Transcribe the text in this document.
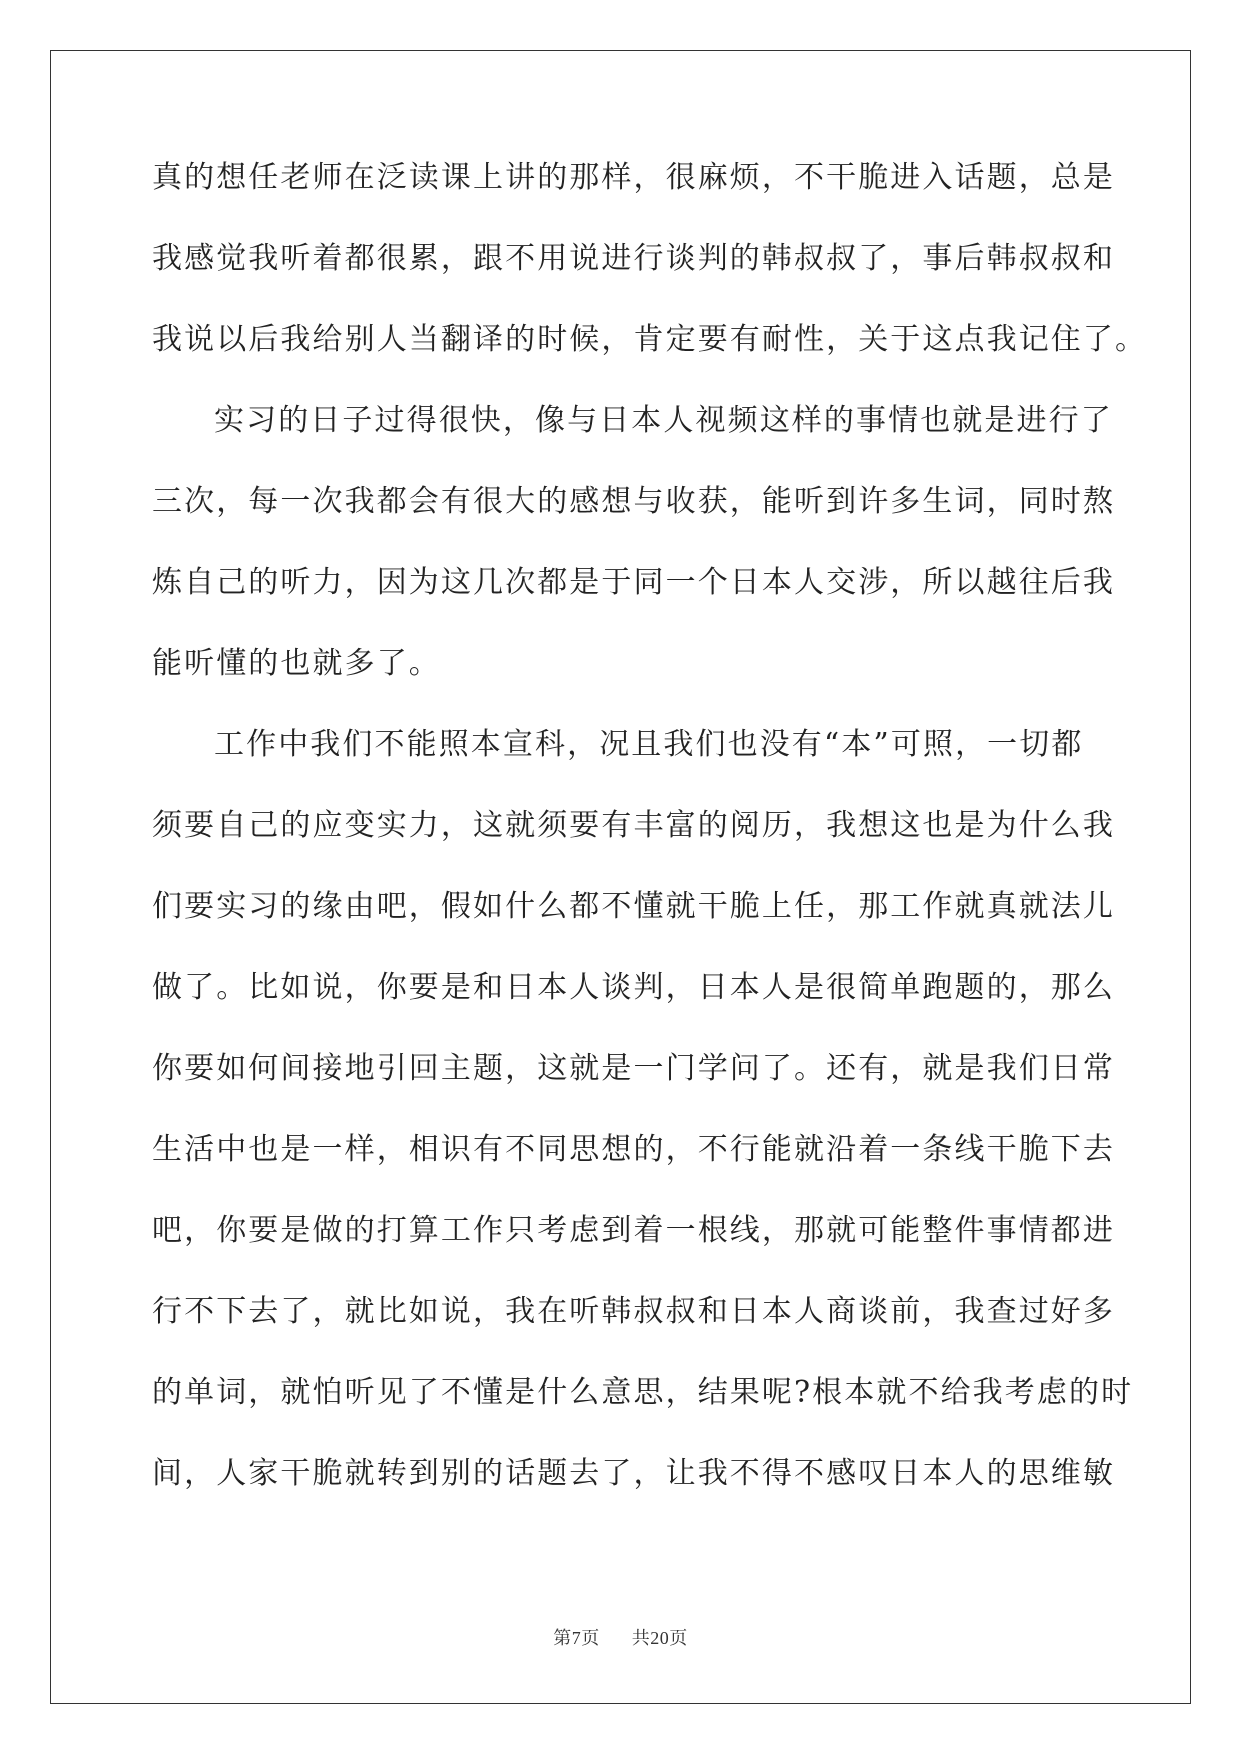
真的想任老师在泛读课上讲的那样，很麻烦，不干脆进入话题，总是
我感觉我听着都很累，跟不用说进行谈判的韩叔叔了，事后韩叔叔和
我说以后我给别人当翻译的时候，肯定要有耐性，关于这点我记住了。
实习的日子过得很快，像与日本人视频这样的事情也就是进行了
三次，每一次我都会有很大的感想与收获，能听到许多生词，同时熬
炼自己的听力，因为这几次都是于同一个日本人交涉，所以越往后我
能听懂的也就多了。
工作中我们不能照本宣科，况且我们也没有“本”可照，一切都
须要自己的应变实力，这就须要有丰富的阅历，我想这也是为什么我
们要实习的缘由吧，假如什么都不懂就干脆上任，那工作就真就法儿
做了。比如说，你要是和日本人谈判，日本人是很简单跑题的，那么
你要如何间接地引回主题，这就是一门学问了。还有，就是我们日常
生活中也是一样，相识有不同思想的，不行能就沿着一条线干脆下去
吧，你要是做的打算工作只考虑到着一根线，那就可能整件事情都进
行不下去了，就比如说，我在听韩叔叔和日本人商谈前，我查过好多
的单词，就怕听见了不懂是什么意思，结果呢?根本就不给我考虑的时
间，人家干脆就转到别的话题去了，让我不得不感叹日本人的思维敏
第7页 共20页
